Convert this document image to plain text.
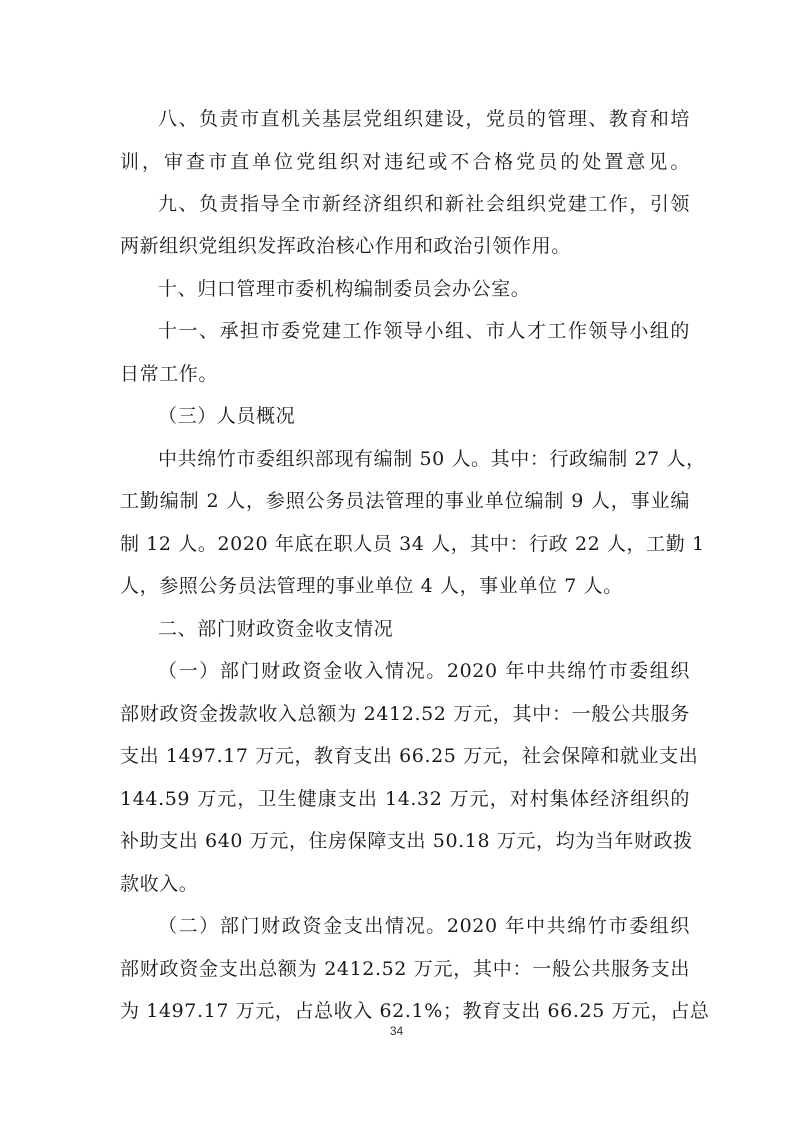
八、负责市直机关基层党组织建设，党员的管理、教育和培
训，审查市直单位党组织对违纪或不合格党员的处置意见。
九、负责指导全市新经济组织和新社会组织党建工作，引领
两新组织党组织发挥政治核心作用和政治引领作用。
十、归口管理市委机构编制委员会办公室。
十一、承担市委党建工作领导小组、市人才工作领导小组的
日常工作。
（三）人员概况
中共绵竹市委组织部现有编制 50 人。其中：行政编制 27 人，
工勤编制 2 人，参照公务员法管理的事业单位编制 9 人，事业编
制 12 人。2020 年底在职人员 34 人，其中：行政 22 人，工勤 1
人，参照公务员法管理的事业单位 4 人，事业单位 7 人。
二、部门财政资金收支情况
（一）部门财政资金收入情况。2020 年中共绵竹市委组织
部财政资金拨款收入总额为 2412.52 万元，其中：一般公共服务
支出 1497.17 万元，教育支出 66.25 万元，社会保障和就业支出
144.59 万元，卫生健康支出 14.32 万元，对村集体经济组织的
补助支出 640 万元，住房保障支出 50.18 万元，均为当年财政拨
款收入。
（二）部门财政资金支出情况。2020 年中共绵竹市委组织
部财政资金支出总额为 2412.52 万元，其中：一般公共服务支出
为 1497.17 万元，占总收入 62.1%；教育支出 66.25 万元，占总
34
